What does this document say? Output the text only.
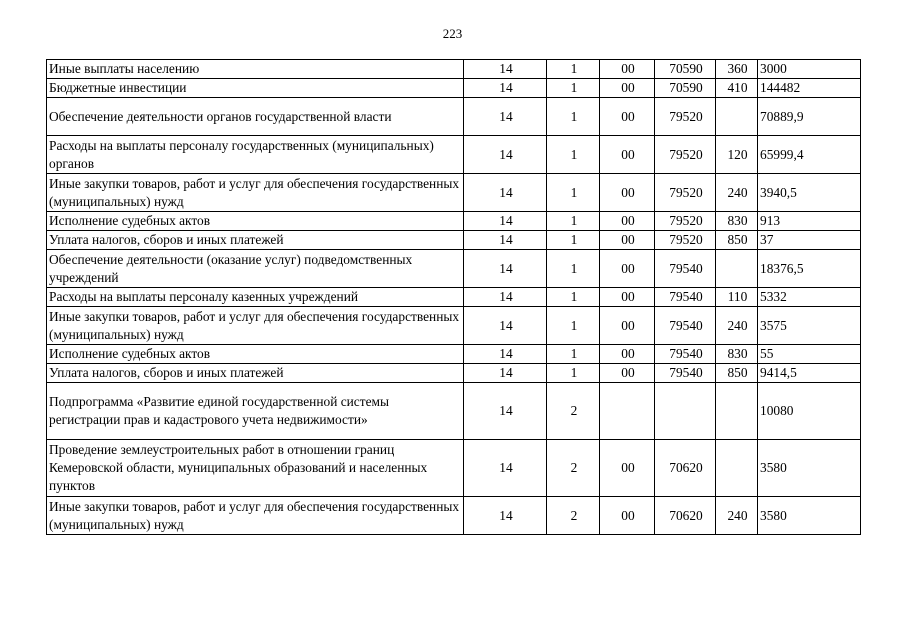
223
Иные выплаты населению	14	1	00	70590	360	3000
Бюджетные инвестиции	14	1	00	70590	410	144482
Обеспечение деятельности органов государственной власти	14	1	00	79520		70889,9
Расходы на выплаты персоналу государственных (муниципальных) органов	14	1	00	79520	120	65999,4
Иные закупки товаров, работ и услуг для обеспечения государственных (муниципальных) нужд	14	1	00	79520	240	3940,5
Исполнение судебных актов	14	1	00	79520	830	913
Уплата налогов, сборов и иных платежей	14	1	00	79520	850	37
Обеспечение деятельности (оказание услуг) подведомственных учреждений	14	1	00	79540		18376,5
Расходы на выплаты персоналу казенных учреждений	14	1	00	79540	110	5332
Иные закупки товаров, работ и услуг для обеспечения государственных (муниципальных) нужд	14	1	00	79540	240	3575
Исполнение судебных актов	14	1	00	79540	830	55
Уплата налогов, сборов и иных платежей	14	1	00	79540	850	9414,5
Подпрограмма «Развитие единой государственной системы регистрации прав и кадастрового учета недвижимости»	14	2				10080
Проведение землеустроительных работ в отношении границ Кемеровской области, муниципальных образований и населенных пунктов	14	2	00	70620		3580
Иные закупки товаров, работ и услуг для обеспечения государственных (муниципальных) нужд	14	2	00	70620	240	3580
